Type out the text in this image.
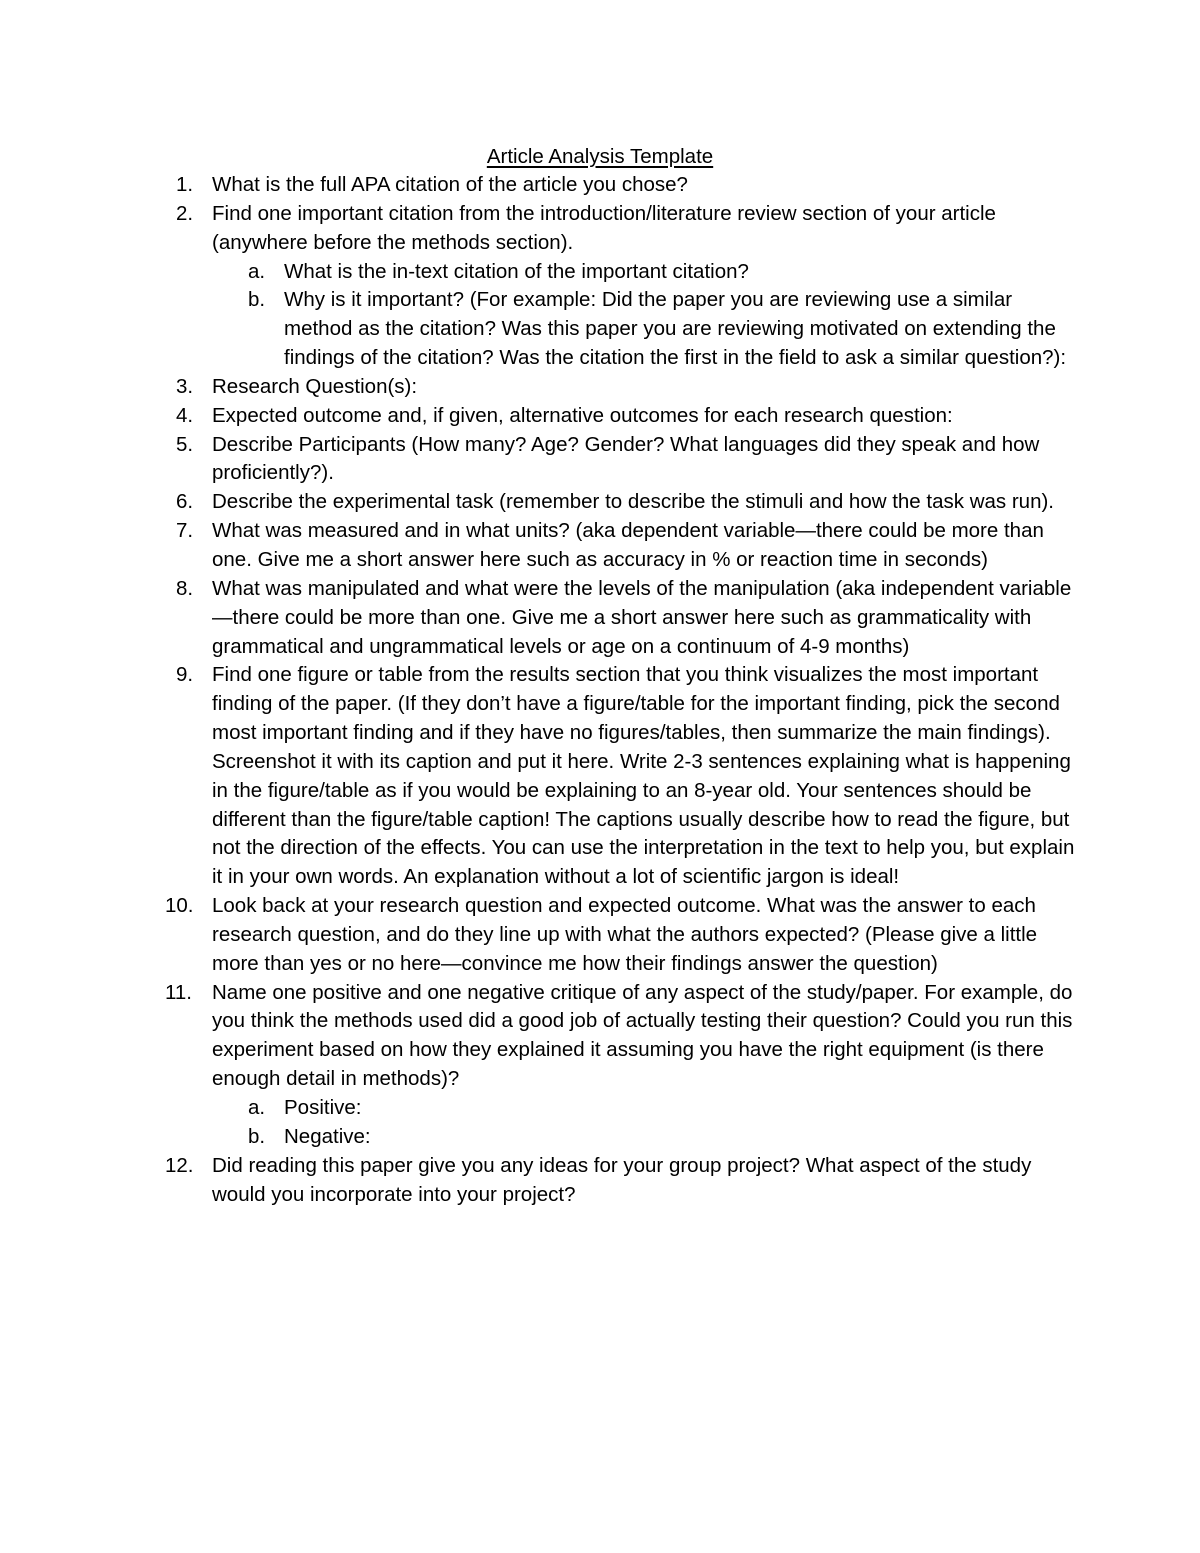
Article Analysis Template
1. What is the full APA citation of the article you chose?
2. Find one important citation from the introduction/literature review section of your article (anywhere before the methods section).
a. What is the in-text citation of the important citation?
b. Why is it important? (For example: Did the paper you are reviewing use a similar method as the citation? Was this paper you are reviewing motivated on extending the findings of the citation? Was the citation the first in the field to ask a similar question?):
3. Research Question(s):
4. Expected outcome and, if given, alternative outcomes for each research question:
5. Describe Participants (How many? Age? Gender? What languages did they speak and how proficiently?).
6. Describe the experimental task (remember to describe the stimuli and how the task was run).
7. What was measured and in what units? (aka dependent variable—there could be more than one. Give me a short answer here such as accuracy in % or reaction time in seconds)
8. What was manipulated and what were the levels of the manipulation (aka independent variable—there could be more than one. Give me a short answer here such as grammaticality with grammatical and ungrammatical levels or age on a continuum of 4-9 months)
9. Find one figure or table from the results section that you think visualizes the most important finding of the paper. (If they don’t have a figure/table for the important finding, pick the second most important finding and if they have no figures/tables, then summarize the main findings). Screenshot it with its caption and put it here. Write 2-3 sentences explaining what is happening in the figure/table as if you would be explaining to an 8-year old. Your sentences should be different than the figure/table caption! The captions usually describe how to read the figure, but not the direction of the effects. You can use the interpretation in the text to help you, but explain it in your own words. An explanation without a lot of scientific jargon is ideal!
10. Look back at your research question and expected outcome. What was the answer to each research question, and do they line up with what the authors expected? (Please give a little more than yes or no here—convince me how their findings answer the question)
11. Name one positive and one negative critique of any aspect of the study/paper. For example, do you think the methods used did a good job of actually testing their question? Could you run this experiment based on how they explained it assuming you have the right equipment (is there enough detail in methods)?
a. Positive:
b. Negative:
12. Did reading this paper give you any ideas for your group project? What aspect of the study would you incorporate into your project?
